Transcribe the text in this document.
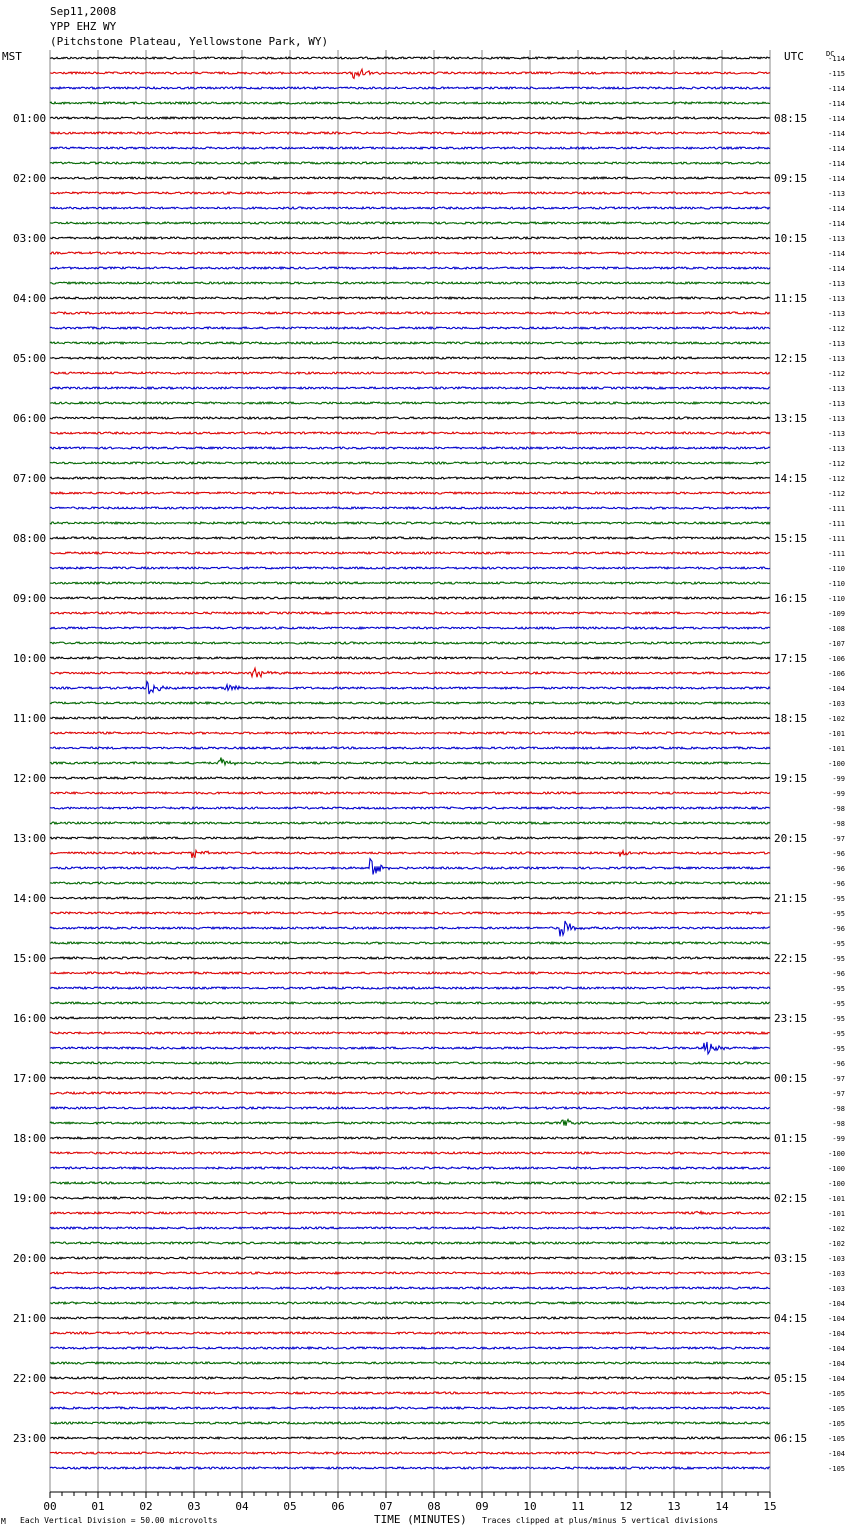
Sep11,2008
YPP EHZ WY
(Pitchstone Plateau, Yellowstone Park, WY)
MST	UTC	DC
01:00
02:00
03:00
04:00
05:00
06:00
07:00
08:00
09:00
10:00
11:00
12:00
13:00
14:00
15:00
16:00
17:00
18:00
19:00
20:00
21:00
22:00
23:00
08:15
09:15
10:15
11:15
12:15
13:15
14:15
15:15
16:15
17:15
18:15
19:15
20:15
21:15
22:15
23:15
00:15
01:15
02:15
03:15
04:15
05:15
06:15
-114
-115
-114
-114
-114
-114
-114
-114
-114
-113
-114
-114
-113
-114
-114
-113
-113
-113
-112
-113
-113
-112
-113
-113
-113
-113
-113
-112
-112
-112
-111
-111
-111
-111
-110
-110
-110
-109
-108
-107
-106
-106
-104
-103
-102
-101
-101
-100
-99
-99
-98
-98
-97
-96
-96
-96
-95
-95
-96
-95
-95
-96
-95
-95
-95
-95
-95
-96
-97
-97
-98
-98
-99
-100
-100
-100
-101
-101
-102
-102
-103
-103
-103
-104
-104
-104
-104
-104
-104
-105
-105
-105
-105
-104
-105
00	01	02	03	04	05	06	07	08	09	10	11	12	13	14	15
M Each Vertical Division = 50.00 microvolts	TIME (MINUTES) Traces clipped at plus/minus 5 vertical divisions
